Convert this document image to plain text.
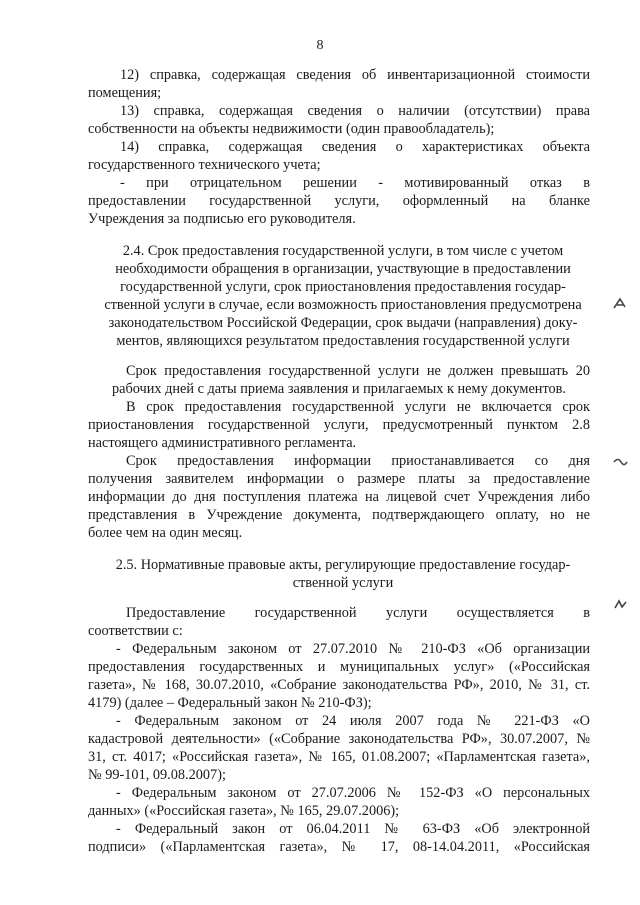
8
12) справка, содержащая сведения об инвентаризационной стоимости
помещения;
13) справка, содержащая сведения о наличии (отсутствии) права
собственности на объекты недвижимости (один правообладатель);
14) справка, содержащая сведения о характеристиках объекта
государственного технического учета;
- при отрицательном решении - мотивированный отказ в
предоставлении государственной услуги, оформленный на бланке
Учреждения за подписью его руководителя.
2.4. Срок предоставления государственной услуги, в том числе с учетом
необходимости обращения в организации, участвующие в предоставлении
государственной услуги, срок приостановления предоставления государ-
ственной услуги в случае, если возможность приостановления предусмотрена
законодательством Российской Федерации, срок выдачи (направления) доку-
ментов, являющихся результатом предоставления государственной услуги
Срок предоставления государственной услуги не должен превышать 20
рабочих дней с даты приема заявления и прилагаемых к нему документов.
В срок предоставления государственной услуги не включается срок
приостановления государственной услуги, предусмотренный пунктом 2.8
настоящего административного регламента.
Срок предоставления информации приостанавливается со дня
получения заявителем информации о размере платы за предоставление
информации до дня поступления платежа на лицевой счет Учреждения либо
представления в Учреждение документа, подтверждающего оплату, но не
более чем на один месяц.
2.5. Нормативные правовые акты, регулирующие предоставление государ-
ственной услуги
Предоставление государственной услуги осуществляется в
соответствии с:
- Федеральным законом от 27.07.2010 № 210-ФЗ «Об организации
предоставления государственных и муниципальных услуг» («Российская
газета», № 168, 30.07.2010, «Собрание законодательства РФ», 2010, № 31, ст.
4179) (далее – Федеральный закон № 210-ФЗ);
- Федеральным законом от 24 июля 2007 года № 221-ФЗ «О
кадастровой деятельности» («Собрание законодательства РФ», 30.07.2007, №
31, ст. 4017; «Российская газета», № 165, 01.08.2007; «Парламентская газета»,
№ 99-101, 09.08.2007);
- Федеральным законом от 27.07.2006 № 152-ФЗ «О персональных
данных» («Российская газета», № 165, 29.07.2006);
- Федеральный закон от 06.04.2011 № 63-ФЗ «Об электронной
подписи» («Парламентская газета», № 17, 08-14.04.2011, «Российская
